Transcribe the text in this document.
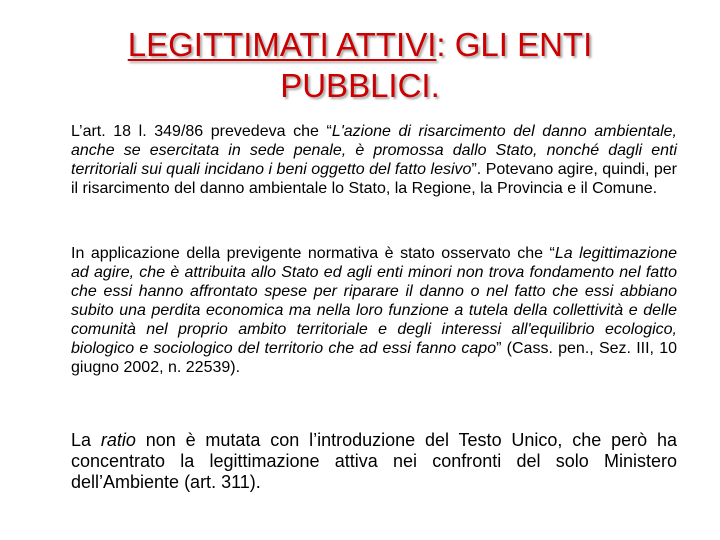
LEGITTIMATI ATTIVI: GLI ENTI
PUBBLICI.

L’art. 18 l. 349/86 prevedeva che “L'azione di risarcimento del danno ambientale, anche se esercitata in sede penale, è promossa dallo Stato, nonché dagli enti territoriali sui quali incidano i beni oggetto del fatto lesivo”. Potevano agire, quindi, per il risarcimento del danno ambientale lo Stato, la Regione, la Provincia e il Comune.

In applicazione della previgente normativa è stato osservato che “La legittimazione ad agire, che è attribuita allo Stato ed agli enti minori non trova fondamento nel fatto che essi hanno affrontato spese per riparare il danno o nel fatto che essi abbiano subito una perdita economica ma nella loro funzione a tutela della collettività e delle comunità nel proprio ambito territoriale e degli interessi all'equilibrio ecologico, biologico e sociologico del territorio che ad essi fanno capo” (Cass. pen., Sez. III, 10 giugno 2002, n. 22539).

La ratio non è mutata con l’introduzione del Testo Unico, che però ha concentrato la legittimazione attiva nei confronti del solo Ministero dell’Ambiente (art. 311).
